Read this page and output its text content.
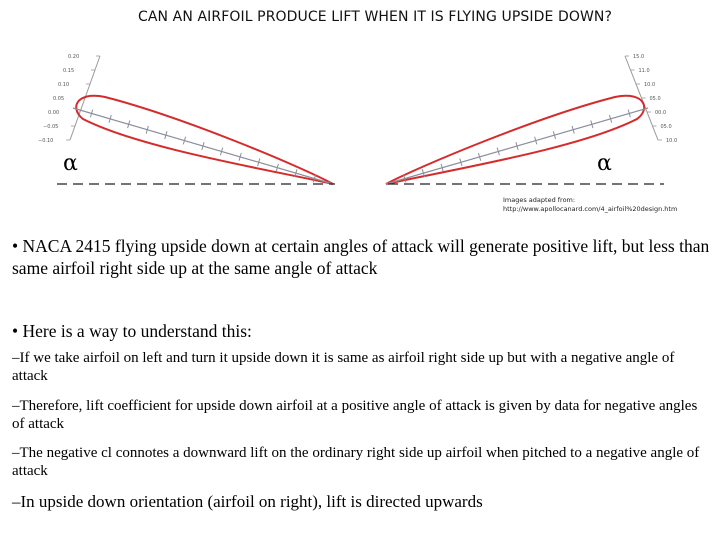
CAN AN AIRFOIL PRODUCE LIFT WHEN IT IS FLYING UPSIDE DOWN?
0.20
0.15
0.10
0.05
0.00
−0.05
−0.10
α
15.0
11.0
10.0
05.0
00.0
05.0
10.0
α
Images adapted from:
http://www.apollocanard.com/4_airfoil%20design.htm
• NACA 2415 flying upside down at certain angles of attack will generate positive lift, but less than same airfoil right side up at the same angle of attack
• Here is a way to understand this:
–If we take airfoil on left and turn it upside down it is same as airfoil right side up but with a negative angle of attack
–Therefore, lift coefficient for upside down airfoil at a positive angle of attack is given by data for negative angles of attack
–The negative cl connotes a downward lift on the ordinary right side up airfoil when pitched to a negative angle of attack
–In upside down orientation (airfoil on right), lift is directed upwards
